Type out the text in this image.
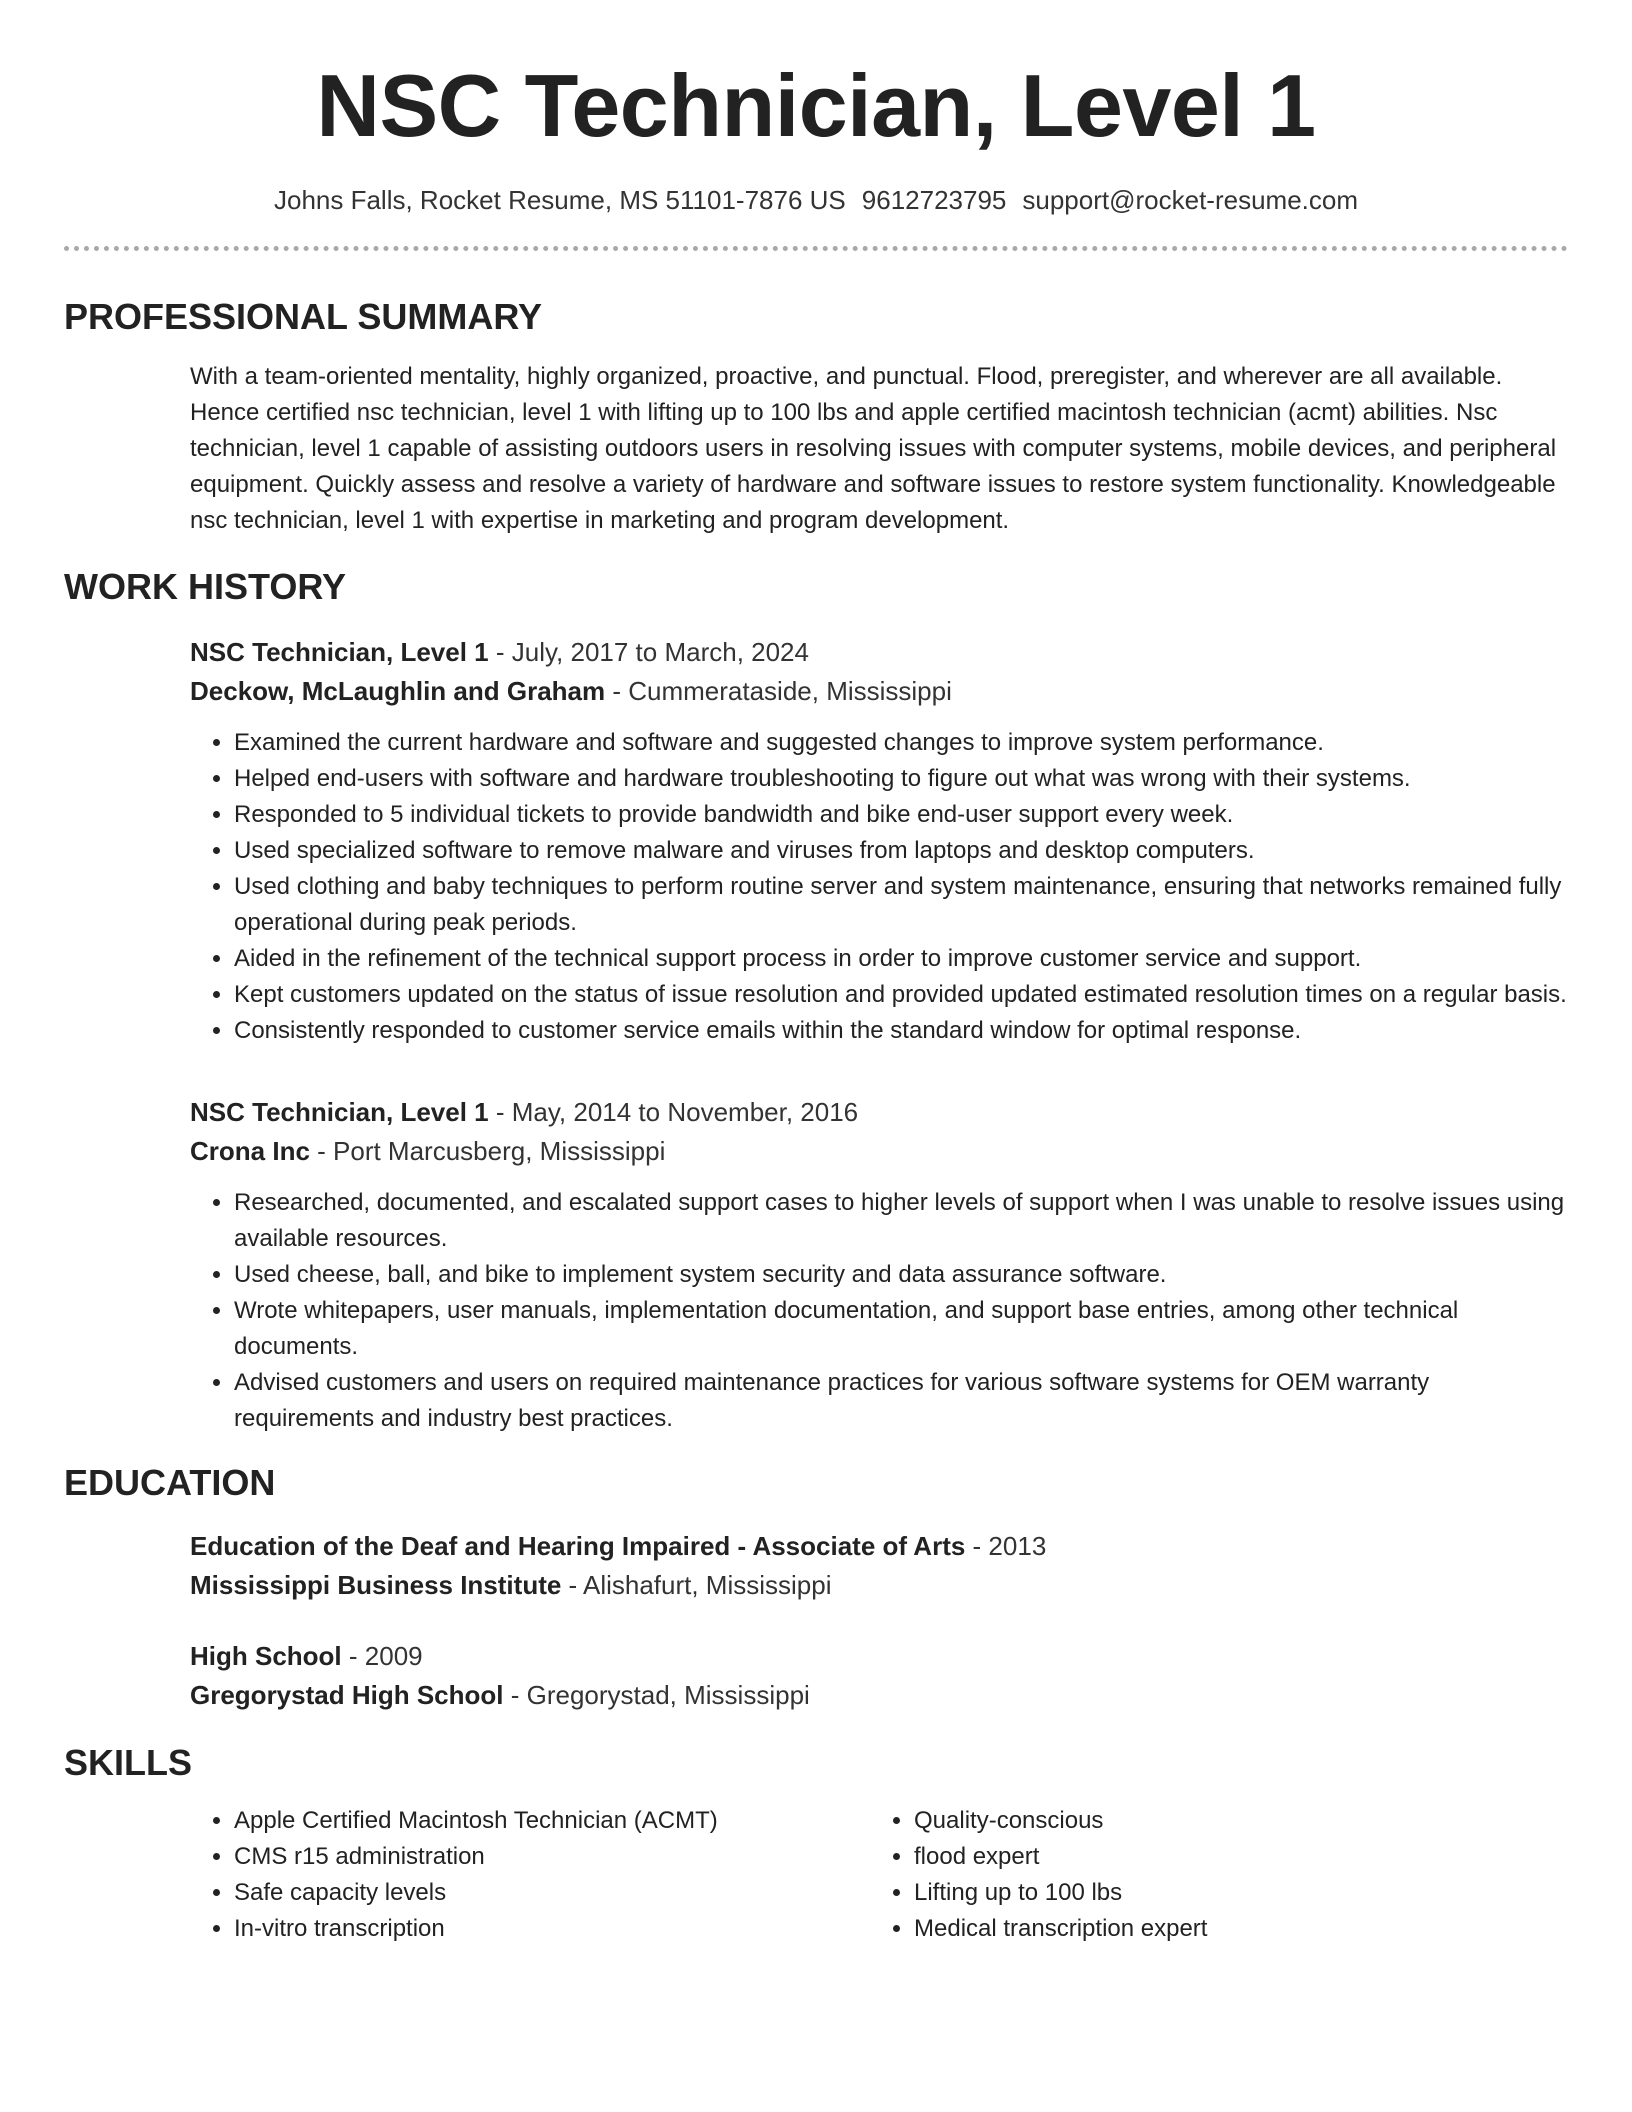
NSC Technician, Level 1
Johns Falls, Rocket Resume, MS 51101-7876 US 9612723795 support@rocket-resume.com
PROFESSIONAL SUMMARY

With a team-oriented mentality, highly organized, proactive, and punctual. Flood, preregister, and wherever are all available. Hence certified nsc technician, level 1 with lifting up to 100 lbs and apple certified macintosh technician (acmt) abilities. Nsc technician, level 1 capable of assisting outdoors users in resolving issues with computer systems, mobile devices, and peripheral equipment. Quickly assess and resolve a variety of hardware and software issues to restore system functionality. Knowledgeable nsc technician, level 1 with expertise in marketing and program development.

WORK HISTORY
NSC Technician, Level 1 - July, 2017 to March, 2024
Deckow, McLaughlin and Graham - Cummerataside, Mississippi
• Examined the current hardware and software and suggested changes to improve system performance.
• Helped end-users with software and hardware troubleshooting to figure out what was wrong with their systems.
• Responded to 5 individual tickets to provide bandwidth and bike end-user support every week.
• Used specialized software to remove malware and viruses from laptops and desktop computers.
• Used clothing and baby techniques to perform routine server and system maintenance, ensuring that networks remained fully operational during peak periods.
• Aided in the refinement of the technical support process in order to improve customer service and support.
• Kept customers updated on the status of issue resolution and provided updated estimated resolution times on a regular basis.
• Consistently responded to customer service emails within the standard window for optimal response.
NSC Technician, Level 1 - May, 2014 to November, 2016
Crona Inc - Port Marcusberg, Mississippi
• Researched, documented, and escalated support cases to higher levels of support when I was unable to resolve issues using available resources.
• Used cheese, ball, and bike to implement system security and data assurance software.
• Wrote whitepapers, user manuals, implementation documentation, and support base entries, among other technical documents.
• Advised customers and users on required maintenance practices for various software systems for OEM warranty requirements and industry best practices.
EDUCATION
Education of the Deaf and Hearing Impaired - Associate of Arts - 2013
Mississippi Business Institute - Alishafurt, Mississippi
High School - 2009
Gregorystad High School - Gregorystad, Mississippi
SKILLS
• Apple Certified Macintosh Technician (ACMT)
• CMS r15 administration
• Safe capacity levels
• In-vitro transcription
• Quality-conscious
• flood expert
• Lifting up to 100 lbs
• Medical transcription expert
